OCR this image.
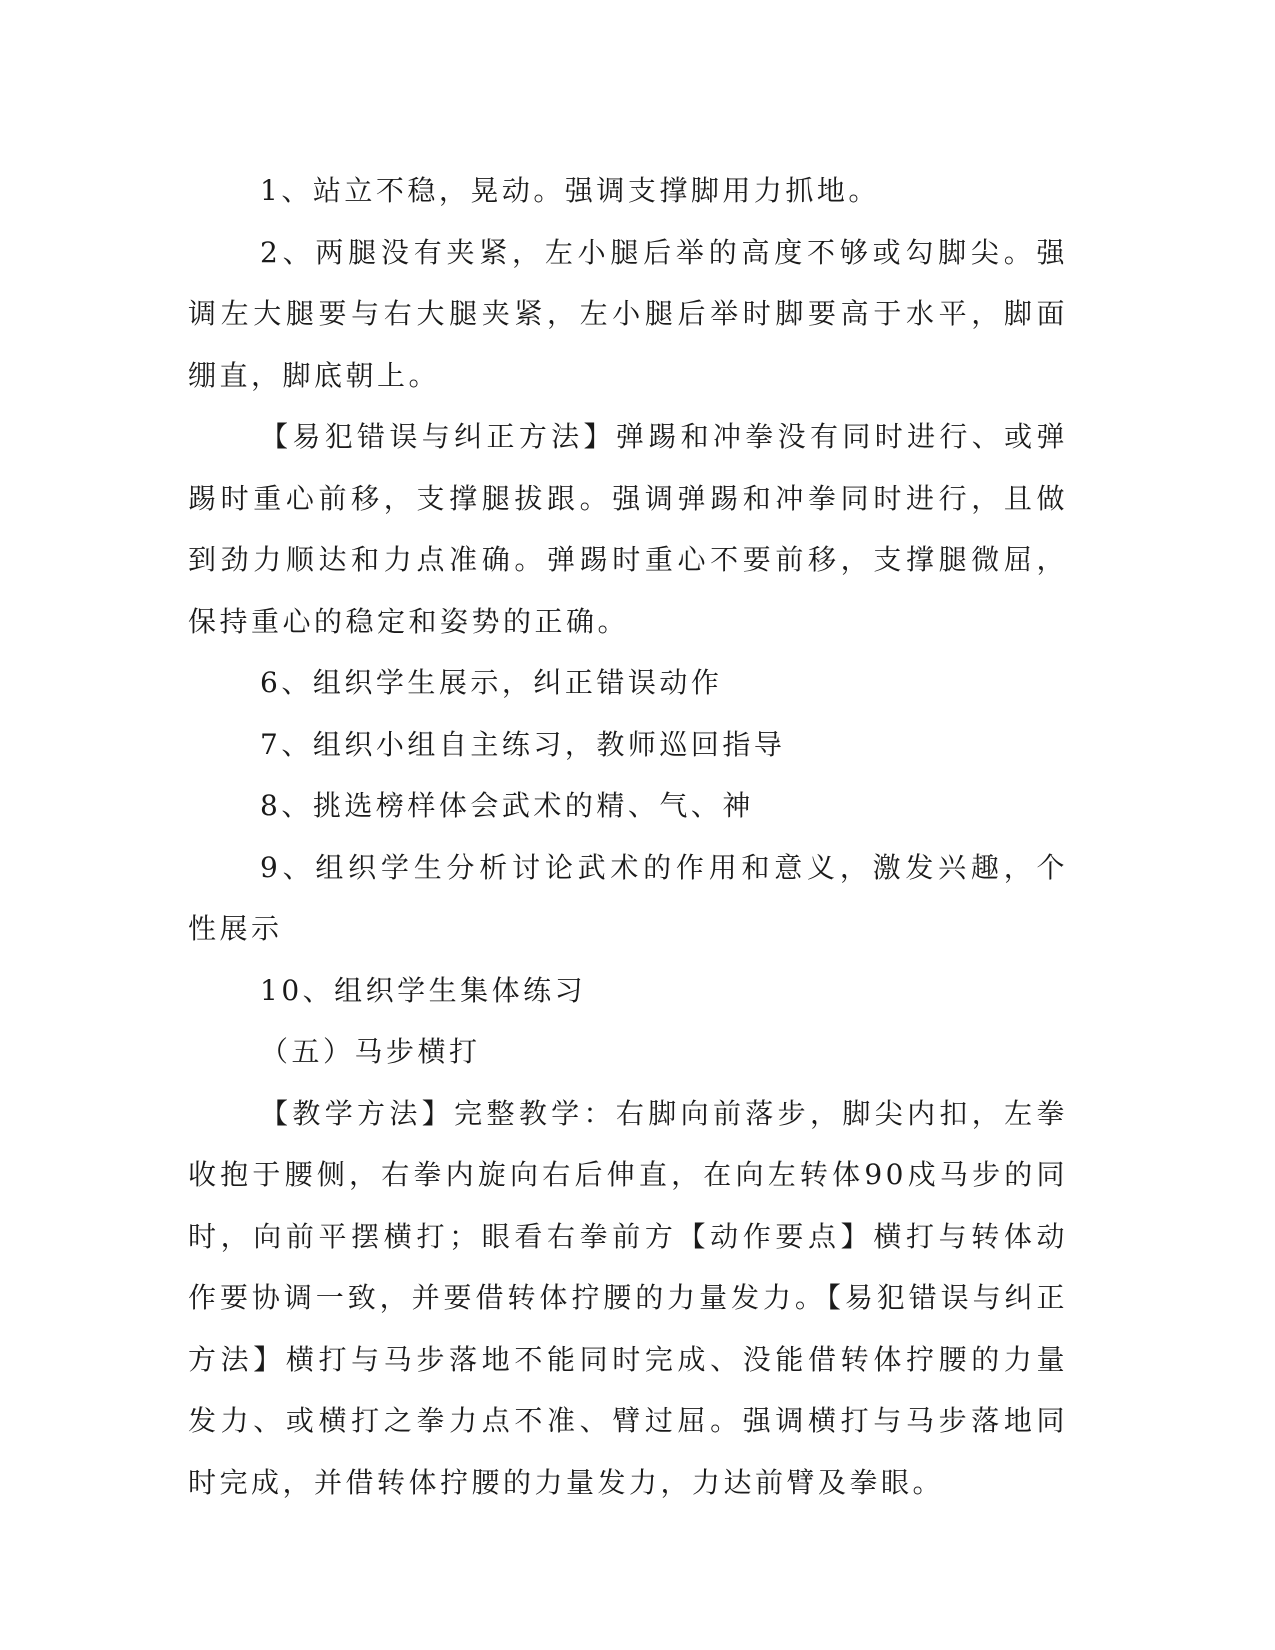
1、站立不稳，晃动。强调支撑脚用力抓地。

2、两腿没有夹紧，左小腿后举的高度不够或勾脚尖。强调左大腿要与右大腿夹紧，左小腿后举时脚要高于水平，脚面绷直，脚底朝上。

【易犯错误与纠正方法】弹踢和冲拳没有同时进行、或弹踢时重心前移，支撑腿拔跟。强调弹踢和冲拳同时进行，且做到劲力顺达和力点准确。弹踢时重心不要前移，支撑腿微屈，保持重心的稳定和姿势的正确。

6、组织学生展示，纠正错误动作

7、组织小组自主练习，教师巡回指导

8、挑选榜样体会武术的精、气、神

9、组织学生分析讨论武术的作用和意义，激发兴趣，个性展示

10、组织学生集体练习

（五）马步横打

【教学方法】完整教学：右脚向前落步，脚尖内扣，左拳收抱于腰侧，右拳内旋向右后伸直，在向左转体90戍马步的同时，向前平摆横打；眼看右拳前方【动作要点】横打与转体动作要协调一致，并要借转体拧腰的力量发力。【易犯错误与纠正方法】横打与马步落地不能同时完成、没能借转体拧腰的力量发力、或横打之拳力点不准、臂过屈。强调横打与马步落地同时完成，并借转体拧腰的力量发力，力达前臂及拳眼。
